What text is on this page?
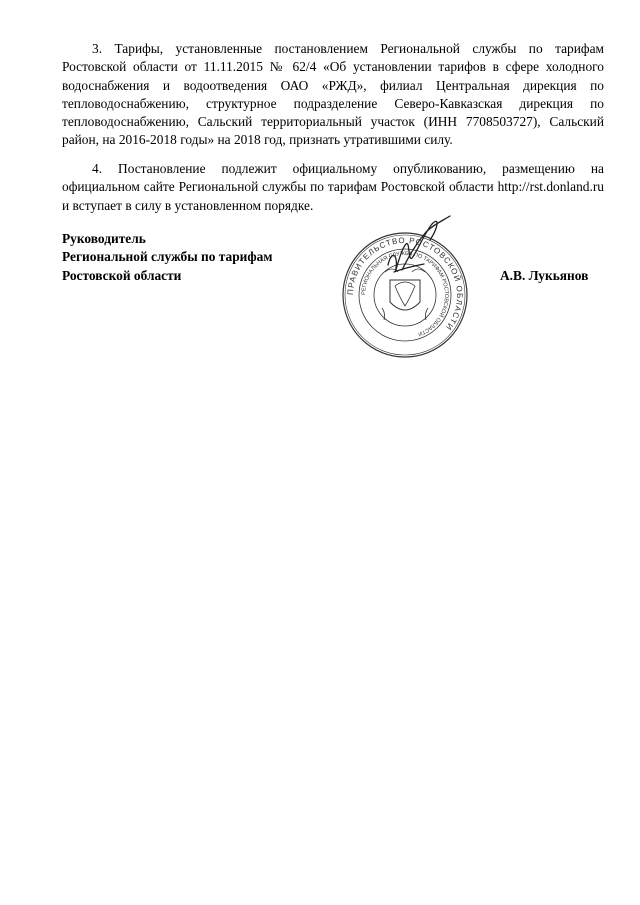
3. Тарифы, установленные постановлением Региональной службы по тарифам Ростовской области от 11.11.2015 № 62/4 «Об установлении тарифов в сфере холодного водоснабжения и водоотведения ОАО «РЖД», филиал Центральная дирекция по тепловодоснабжению, структурное подразделение Северо-Кавказская дирекция по тепловодоснабжению, Сальский территориальный участок (ИНН 7708503727), Сальский район, на 2016-2018 годы» на 2018 год, признать утратившими силу.

4. Постановление подлежит официальному опубликованию, размещению на официальном сайте Региональной службы по тарифам Ростовской области http://rst.donland.ru и вступает в силу в установленном порядке.

Руководитель
Региональной службы по тарифам
Ростовской области
ПРАВИТЕЛЬСТВО РОСТОВСКОЙ ОБЛАСТИ
РЕГИОНАЛЬНАЯ СЛУЖБА ПО ТАРИФАМ РОСТОВСКОЙ ОБЛАСТИ
А.В. Лукьянов
